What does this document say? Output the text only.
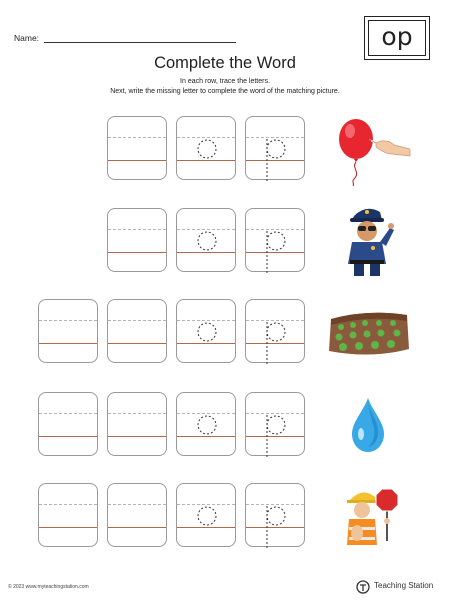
Name:	op
Complete the Word
In each row, trace the letters.
Next, write the missing letter to complete the word of the matching picture.
© 2023 www.myteachingstation.com	Teaching Station
